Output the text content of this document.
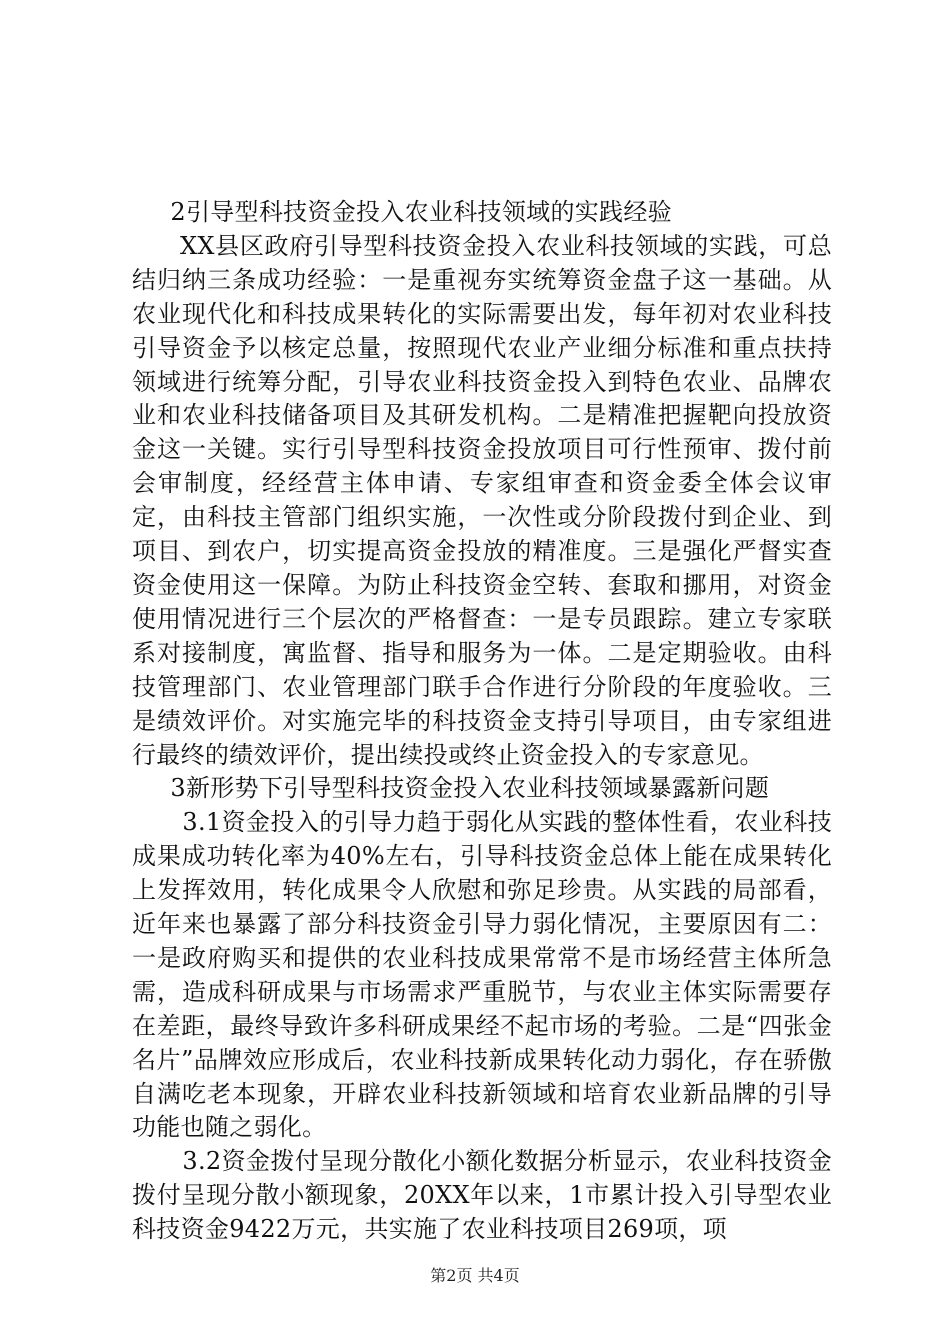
2引导型科技资金投入农业科技领域的实践经验

XX县区政府引导型科技资金投入农业科技领域的实践，可总结归纳三条成功经验：一是重视夯实统筹资金盘子这一基础。从农业现代化和科技成果转化的实际需要出发，每年初对农业科技引导资金予以核定总量，按照现代农业产业细分标准和重点扶持领域进行统筹分配，引导农业科技资金投入到特色农业、品牌农业和农业科技储备项目及其研发机构。二是精准把握靶向投放资金这一关键。实行引导型科技资金投放项目可行性预审、拨付前会审制度，经经营主体申请、专家组审查和资金委全体会议审定，由科技主管部门组织实施，一次性或分阶段拨付到企业、到项目、到农户，切实提高资金投放的精准度。三是强化严督实查资金使用这一保障。为防止科技资金空转、套取和挪用，对资金使用情况进行三个层次的严格督查：一是专员跟踪。建立专家联系对接制度，寓监督、指导和服务为一体。二是定期验收。由科技管理部门、农业管理部门联手合作进行分阶段的年度验收。三是绩效评价。对实施完毕的科技资金支持引导项目，由专家组进行最终的绩效评价，提出续投或终止资金投入的专家意见。

3新形势下引导型科技资金投入农业科技领域暴露新问题

3.1资金投入的引导力趋于弱化从实践的整体性看，农业科技成果成功转化率为40%左右，引导科技资金总体上能在成果转化上发挥效用，转化成果令人欣慰和弥足珍贵。从实践的局部看，近年来也暴露了部分科技资金引导力弱化情况，主要原因有二：一是政府购买和提供的农业科技成果常常不是市场经营主体所急需，造成科研成果与市场需求严重脱节，与农业主体实际需要存在差距，最终导致许多科研成果经不起市场的考验。二是“四张金名片”品牌效应形成后，农业科技新成果转化动力弱化，存在骄傲自满吃老本现象，开辟农业科技新领域和培育农业新品牌的引导功能也随之弱化。

3.2资金拨付呈现分散化小额化数据分析显示，农业科技资金拨付呈现分散小额现象，20XX年以来，1市累计投入引导型农业科技资金9422万元，共实施了农业科技项目269项，项

第2页 共4页
